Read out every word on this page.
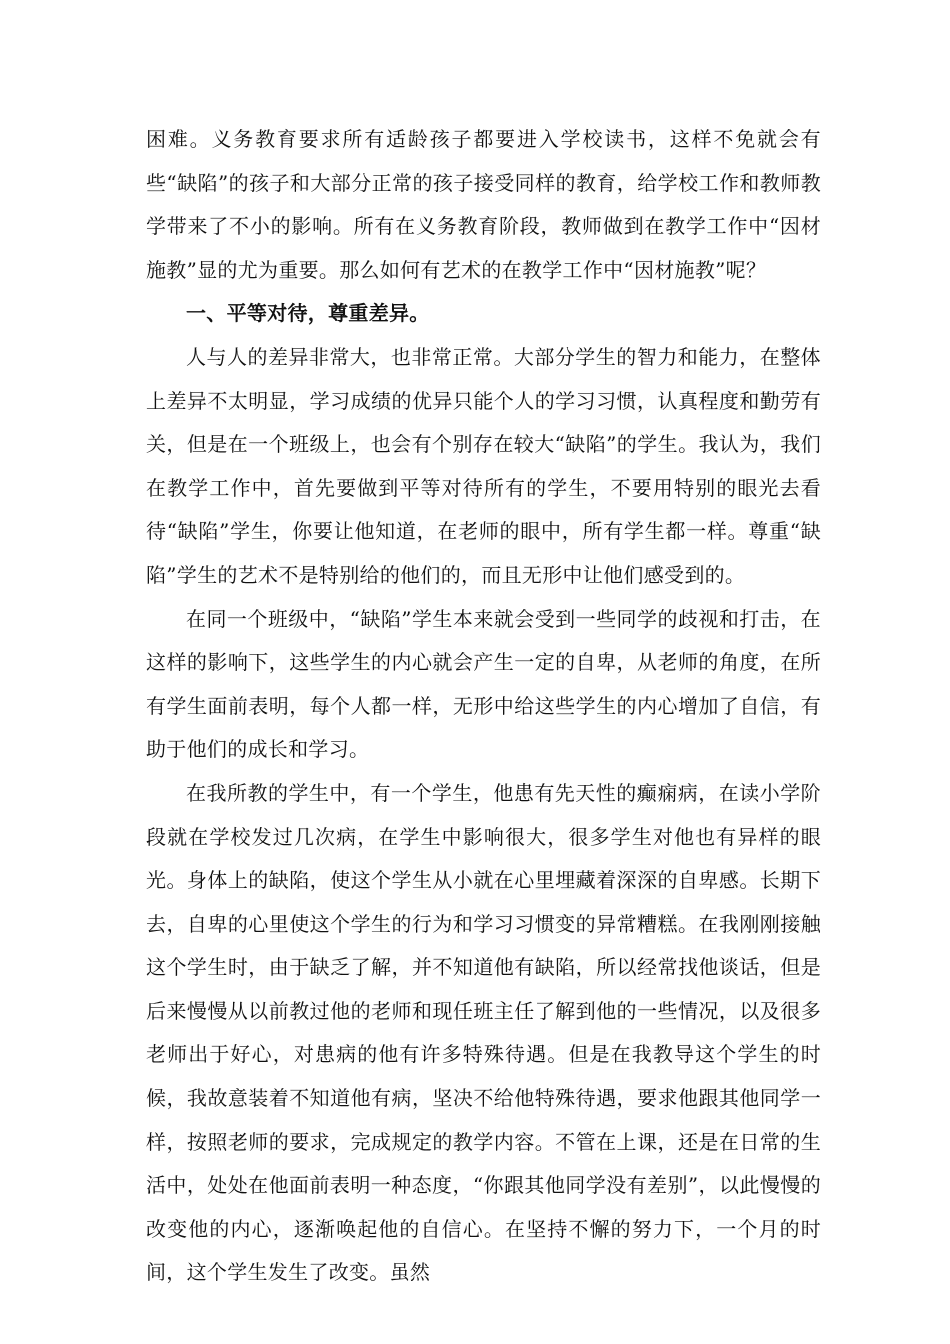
困难。义务教育要求所有适龄孩子都要进入学校读书，这样不免就会有些“缺陷”的孩子和大部分正常的孩子接受同样的教育，给学校工作和教师教学带来了不小的影响。所有在义务教育阶段，教师做到在教学工作中“因材施教”显的尤为重要。那么如何有艺术的在教学工作中“因材施教”呢？

一、平等对待，尊重差异。

人与人的差异非常大，也非常正常。大部分学生的智力和能力，在整体上差异不太明显，学习成绩的优异只能个人的学习习惯，认真程度和勤劳有关，但是在一个班级上，也会有个别存在较大“缺陷”的学生。我认为，我们在教学工作中，首先要做到平等对待所有的学生，不要用特别的眼光去看待“缺陷”学生，你要让他知道，在老师的眼中，所有学生都一样。尊重“缺陷”学生的艺术不是特别给的他们的，而且无形中让他们感受到的。

在同一个班级中，“缺陷”学生本来就会受到一些同学的歧视和打击，在这样的影响下，这些学生的内心就会产生一定的自卑，从老师的角度，在所有学生面前表明，每个人都一样，无形中给这些学生的内心增加了自信，有助于他们的成长和学习。

在我所教的学生中，有一个学生，他患有先天性的癫痫病，在读小学阶段就在学校发过几次病，在学生中影响很大，很多学生对他也有异样的眼光。身体上的缺陷，使这个学生从小就在心里埋藏着深深的自卑感。长期下去，自卑的心里使这个学生的行为和学习习惯变的异常糟糕。在我刚刚接触这个学生时，由于缺乏了解，并不知道他有缺陷，所以经常找他谈话，但是后来慢慢从以前教过他的老师和现任班主任了解到他的一些情况，以及很多老师出于好心，对患病的他有许多特殊待遇。但是在我教导这个学生的时候，我故意装着不知道他有病，坚决不给他特殊待遇，要求他跟其他同学一样，按照老师的要求，完成规定的教学内容。不管在上课，还是在日常的生活中，处处在他面前表明一种态度，“你跟其他同学没有差别”，以此慢慢的改变他的内心，逐渐唤起他的自信心。在坚持不懈的努力下，一个月的时间，这个学生发生了改变。虽然
